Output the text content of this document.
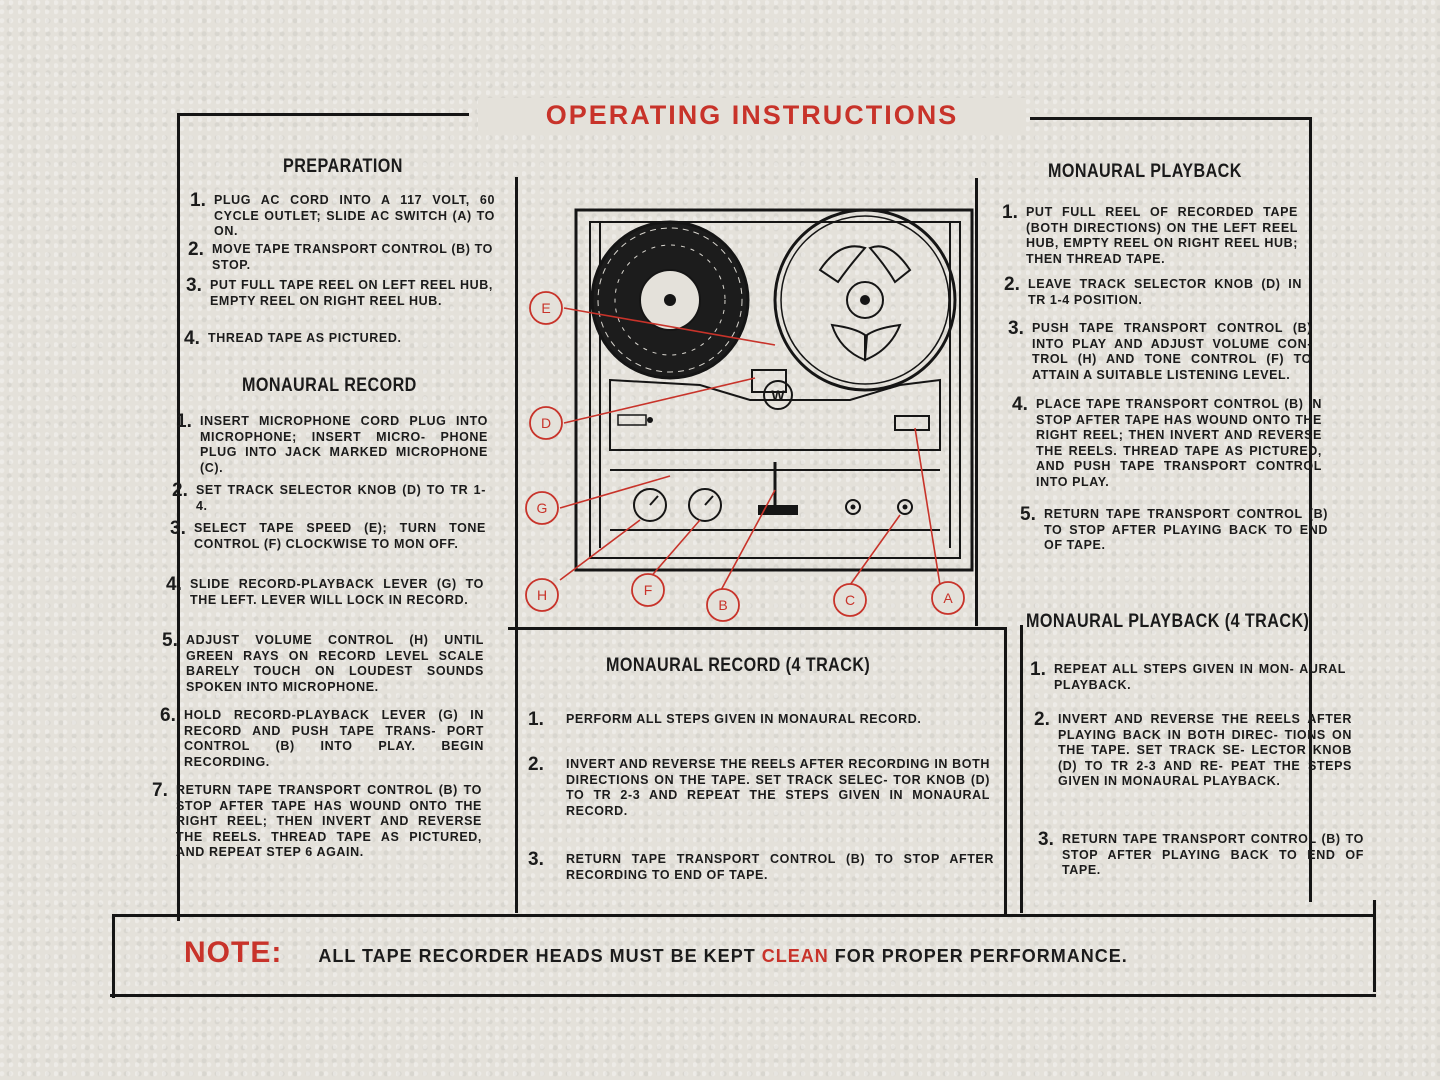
OPERATING INSTRUCTIONS
PREPARATION
1. PLUG AC CORD INTO A 117 VOLT, 60 CYCLE OUTLET; SLIDE AC SWITCH (A) TO ON.
2. MOVE TAPE TRANSPORT CONTROL (B) TO STOP.
3. PUT FULL TAPE REEL ON LEFT REEL HUB, EMPTY REEL ON RIGHT REEL HUB.
4. THREAD TAPE AS PICTURED.
MONAURAL RECORD
1. INSERT MICROPHONE CORD PLUG INTO MICROPHONE; INSERT MICRO- PHONE PLUG INTO JACK MARKED MICROPHONE (C).
2. SET TRACK SELECTOR KNOB (D) TO TR 1-4.
3. SELECT TAPE SPEED (E); TURN TONE CONTROL (F) CLOCKWISE TO MON OFF.
4. SLIDE RECORD-PLAYBACK LEVER (G) TO THE LEFT. LEVER WILL LOCK IN RECORD.
5. ADJUST VOLUME CONTROL (H) UNTIL GREEN RAYS ON RECORD LEVEL SCALE BARELY TOUCH ON LOUDEST SOUNDS SPOKEN INTO MICROPHONE.
6. HOLD RECORD-PLAYBACK LEVER (G) IN RECORD AND PUSH TAPE TRANS- PORT CONTROL (B) INTO PLAY. BEGIN RECORDING.
7. RETURN TAPE TRANSPORT CONTROL (B) TO STOP AFTER TAPE HAS WOUND ONTO THE RIGHT REEL; THEN INVERT AND REVERSE THE REELS. THREAD TAPE AS PICTURED, AND REPEAT STEP 6 AGAIN.
MONAURAL PLAYBACK
1. PUT FULL REEL OF RECORDED TAPE (BOTH DIRECTIONS) ON THE LEFT REEL HUB, EMPTY REEL ON RIGHT REEL HUB; THEN THREAD TAPE.
2. LEAVE TRACK SELECTOR KNOB (D) IN TR 1-4 POSITION.
3. PUSH TAPE TRANSPORT CONTROL (B) INTO PLAY AND ADJUST VOLUME CON- TROL (H) AND TONE CONTROL (F) TO ATTAIN A SUITABLE LISTENING LEVEL.
4. PLACE TAPE TRANSPORT CONTROL (B) IN STOP AFTER TAPE HAS WOUND ONTO THE RIGHT REEL; THEN INVERT AND REVERSE THE REELS. THREAD TAPE AS PICTURED, AND PUSH TAPE TRANSPORT CONTROL INTO PLAY.
5. RETURN TAPE TRANSPORT CONTROL (B) TO STOP AFTER PLAYING BACK TO END OF TAPE.
MONAURAL PLAYBACK (4 TRACK)
1. REPEAT ALL STEPS GIVEN IN MON- AURAL PLAYBACK.
2. INVERT AND REVERSE THE REELS AFTER PLAYING BACK IN BOTH DIREC- TIONS ON THE TAPE. SET TRACK SE- LECTOR KNOB (D) TO TR 2-3 AND RE- PEAT THE STEPS GIVEN IN MONAURAL PLAYBACK.
3. RETURN TAPE TRANSPORT CONTROL (B) TO STOP AFTER PLAYING BACK TO END OF TAPE.
MONAURAL RECORD (4 TRACK)
1.	PERFORM ALL STEPS GIVEN IN MONAURAL RECORD.
2.	INVERT AND REVERSE THE REELS AFTER RECORDING IN BOTH DIRECTIONS ON THE TAPE. SET TRACK SELEC- TOR KNOB (D) TO TR 2-3 AND REPEAT THE STEPS GIVEN IN MONAURAL RECORD.
3.	RETURN TAPE TRANSPORT CONTROL (B) TO STOP AFTER RECORDING TO END OF TAPE.
W
E
D
G
H	F
B	C	A
NOTE: ALL TAPE RECORDER HEADS MUST BE KEPT CLEAN FOR PROPER PERFORMANCE.
